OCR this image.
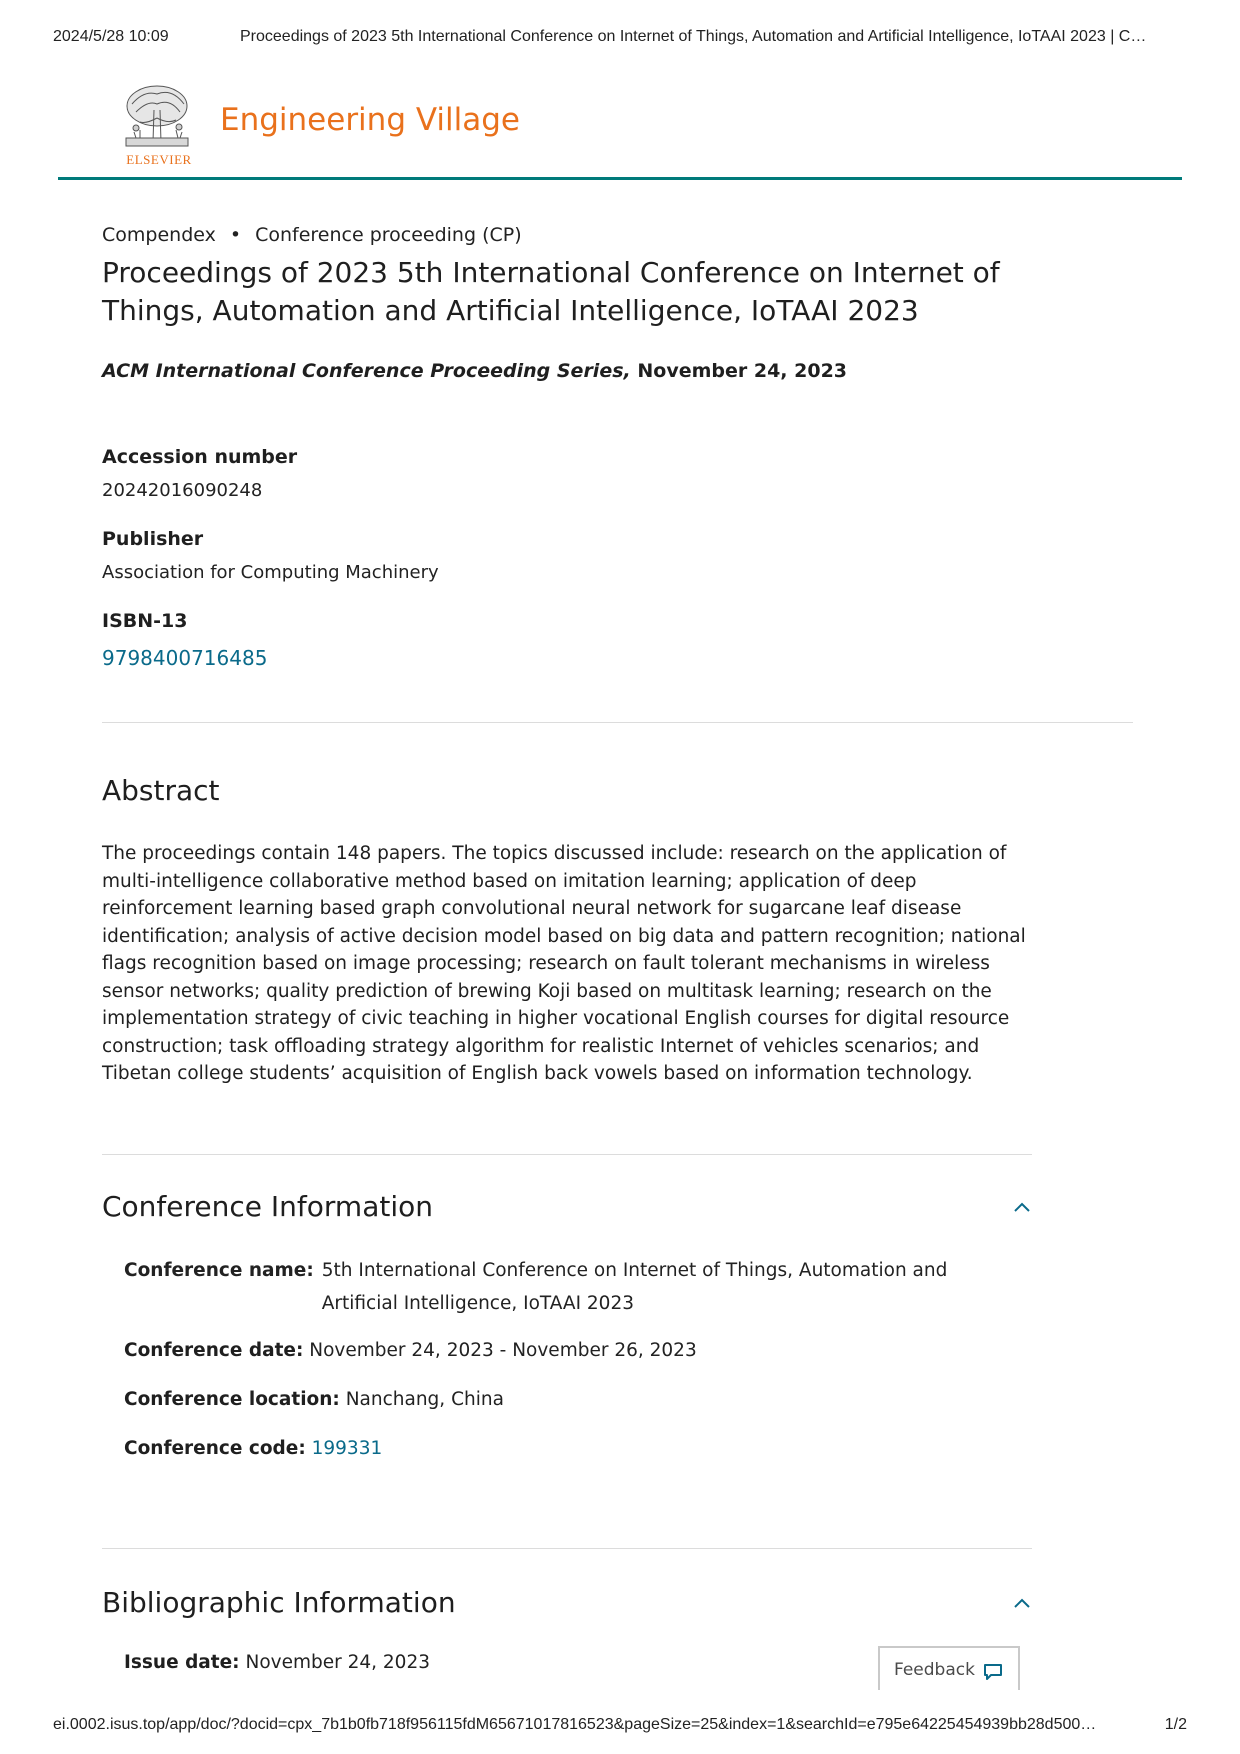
2024/5/28 10:09	Proceedings of 2023 5th International Conference on Internet of Things, Automation and Artificial Intelligence, IoTAAI 2023 | C…
ELSEVIER
Engineering Village
Compendex • Conference proceeding (CP)
Proceedings of 2023 5th International Conference on Internet of Things, Automation and Artificial Intelligence, IoTAAI 2023
ACM International Conference Proceeding Series, November 24, 2023
Accession number
20242016090248
Publisher
Association for Computing Machinery
ISBN-13
9798400716485
Abstract

The proceedings contain 148 papers. The topics discussed include: research on the application of multi-intelligence collaborative method based on imitation learning; application of deep reinforcement learning based graph convolutional neural network for sugarcane leaf disease identification; analysis of active decision model based on big data and pattern recognition; national flags recognition based on image processing; research on fault tolerant mechanisms in wireless sensor networks; quality prediction of brewing Koji based on multitask learning; research on the implementation strategy of civic teaching in higher vocational English courses for digital resource construction; task offloading strategy algorithm for realistic Internet of vehicles scenarios; and Tibetan college students’ acquisition of English back vowels based on information technology.

Conference Information
Conference name: 5th International Conference on Internet of Things, Automation and Artificial Intelligence, IoTAAI 2023
Conference date: November 24, 2023 - November 26, 2023
Conference location: Nanchang, China
Conference code: 199331
Bibliographic Information
Issue date: November 24, 2023	Feedback
ei.0002.isus.top/app/doc/?docid=cpx_7b1b0fb718f956115fdM65671017816523&pageSize=25&index=1&searchId=e795e64225454939bb28d500…	1/2
